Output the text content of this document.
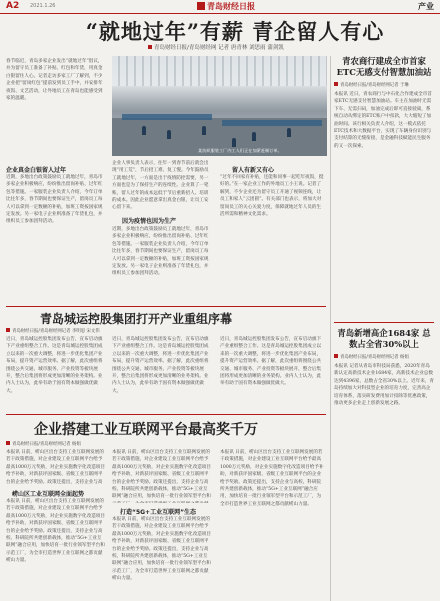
A2 2021.1.26	青岛财经日报	产业
“就地过年”有薪 青企留人有心
青岛财经日报/青岛财经网 记者 唐青林 刘思雨 蒲剑凯
春节临近，青岛多家企业发出“就地过年”倡议，并为留守员工准备了补贴、红包和年货，用真金白银留住人心。记者走访多家工厂了解到，不少企业把“留岗红包”提前发到员工手中，并安排年夜饭、文艺活动，让外地员工在青岛也能感受到家的温暖。
某纺织服装工厂内工人们正在加紧赶制订单。
企业真金白银留人过年
近期，多地出台政策鼓励员工就地过年，青岛市多家企业积极响应，纷纷推出留岗补贴、过年红包等措施。一家服装企业负责人介绍，今年订单比往年多，春节期间也要保证生产，留岗员工每人可以拿到一定数额的补贴，加班工资按国家规定发放。另一家电子企业则准备了年货礼包，并组织员工参加团拜活动。
企业人事负责人表示，往年一到春节前后就会出现“用工荒”，节后招工难、复工慢。今年鼓励员工就地过年，一方面是出于疫情防控需要，另一方面也是为了保持生产的连续性。企业算了一笔账，留人过年的成本远低于节后重新招人、培训的成本。因此企业愿意拿出真金白银，让员工安心留下来。
因为疫情也因为生产
近期，多地出台政策鼓励员工就地过年，青岛市多家企业积极响应，纷纷推出留岗补贴、过年红包等措施。一家服装企业负责人介绍，今年订单比往年多，春节期间也要保证生产，留岗员工每人可以拿到一定数额的补贴，加班工资按国家规定发放。另一家电子企业则准备了年货礼包，并组织员工参加团拜活动。
留人有新又有心
“过年不回家有补贴，还能和同事一起吃年夜饭，挺好的。”在一家企业工作的外地员工小王说。记者了解到，不少企业还为留守员工开通了视频连线，让员工和家人“云团圆”。有关部门也表示，将加大对留岗员工的关心关爱力度，保障就地过年人员的生活所需和精神文化需求。
青农商行建成全市首家ETC无感支付智慧加油站
青岛财经日报/青岛财经网记者 于琳
本报讯 近日，青农商行与中石化合作建成全市首家ETC无感支付智慧加油站。车主在加油时无需下车、无需扫码，加油完成后即可直接驶离，系统自动从绑定的ETC账户中扣款，大大缩短了加油时间。该行相关负责人介绍，这一模式依托ETC技术和大数据平台，实现了车辆身份识别与支付结算的无缝衔接，是金融科技赋能民生服务的又一次探索。
青岛新增高企1684家 总数占全省30%以上
青岛财经日报/青岛财经网记者 杨娟
本报讯 记者从青岛市科技局获悉，2020年青岛新认定高新技术企业1684家，高新技术企业总数达到4396家，总数占全省30%以上。近年来，青岛持续加大对科技型企业的培育力度，完善高企培育体系，落实研发费用加计扣除等优惠政策，推动更多企业走上创新发展之路。
青岛城运控股集团打开产业重组序幕
青岛财经日报/青岛财经网记者 李明思 宋文伟
近日，青岛城运控股集团发布公告，宣布启动旗下产业重组整合工作。这是青岛城运控股集团成立以来的一次重大调整，将进一步优化集团产业布局，提升资产运营效率。据了解，此次重组将围绕公共交通、城市服务、产业投资等板块展开，整合后集团将形成更加清晰的业务架构。业内人士认为，此举有助于国有资本做强做优做大。
近日，青岛城运控股集团发布公告，宣布启动旗下产业重组整合工作。这是青岛城运控股集团成立以来的一次重大调整，将进一步优化集团产业布局，提升资产运营效率。据了解，此次重组将围绕公共交通、城市服务、产业投资等板块展开，整合后集团将形成更加清晰的业务架构。业内人士认为，此举有助于国有资本做强做优做大。
近日，青岛城运控股集团发布公告，宣布启动旗下产业重组整合工作。这是青岛城运控股集团成立以来的一次重大调整，将进一步优化集团产业布局，提升资产运营效率。据了解，此次重组将围绕公共交通、城市服务、产业投资等板块展开，整合后集团将形成更加清晰的业务架构。业内人士认为，此举有助于国有资本做强做优做大。
企业搭建工业互联网平台最高奖千万
青岛财经日报/青岛财经网记者 杨娟
本报讯 日前，崂山区出台支持工业互联网发展的若干政策措施，对企业建设工业互联网平台给予最高1000万元奖励，对企业实施数字化改造项目给予补助，对新获评国家级、省级工业互联网平台的企业给予奖励。政策还提出，支持企业与高
崂山区工业互联网全面起势
本报讯 日前，崂山区出台支持工业互联网发展的若干政策措施，对企业建设工业互联网平台给予最高1000万元奖励，对企业实施数字化改造项目给予补助，对新获评国家级、省级工业互联网平台的企业给予奖励。政策还提出，支持企业与高校、科研院所共建创新载体，推动“5G+工业互联网”融合应用，加快培育一批行业领军型平台和示范工厂，为全市打造世界工业互联网之都贡献崂山力量。
本报讯 日前，崂山区出台支持工业互联网发展的若干政策措施，对企业建设工业互联网平台给予最高1000万元奖励，对企业实施数字化改造项目给予补助，对新获评国家级、省级工业互联网平台的企业给予奖励。政策还提出，支持企业与高校、科研院所共建创新载体，推动“5G+工业互联网”融合应用，加快培育一批行业领军型平台和
打造“5G+工业互联网”生态
本报讯 日前，崂山区出台支持工业互联网发展的若干政策措施，对企业建设工业互联网平台给予最高1000万元奖励，对企业实施数字化改造项目给予补助，对新获评国家级、省级工业互联网平台的企业给予奖励。政策还提出，支持企业与高校、科研院所共建创新载体，推动“5G+工业互联网”融合应用，加快培育一批行业领军型平台和示范工厂，为全市打造世界工业互联网之都贡献崂山力量。
本报讯 日前，崂山区出台支持工业互联网发展的若干政策措施，对企业建设工业互联网平台给予最高1000万元奖励，对企业实施数字化改造项目给予补助，对新获评国家级、省级工业互联网平台的企业给予奖励。政策还提出，支持企业与高校、科研院所共建创新载体，推动“5G+工业互联网”融合应用，加快培育一批行业领军型平台和示范工厂，为全市打造世界工业互联网之都贡献崂山力量。
